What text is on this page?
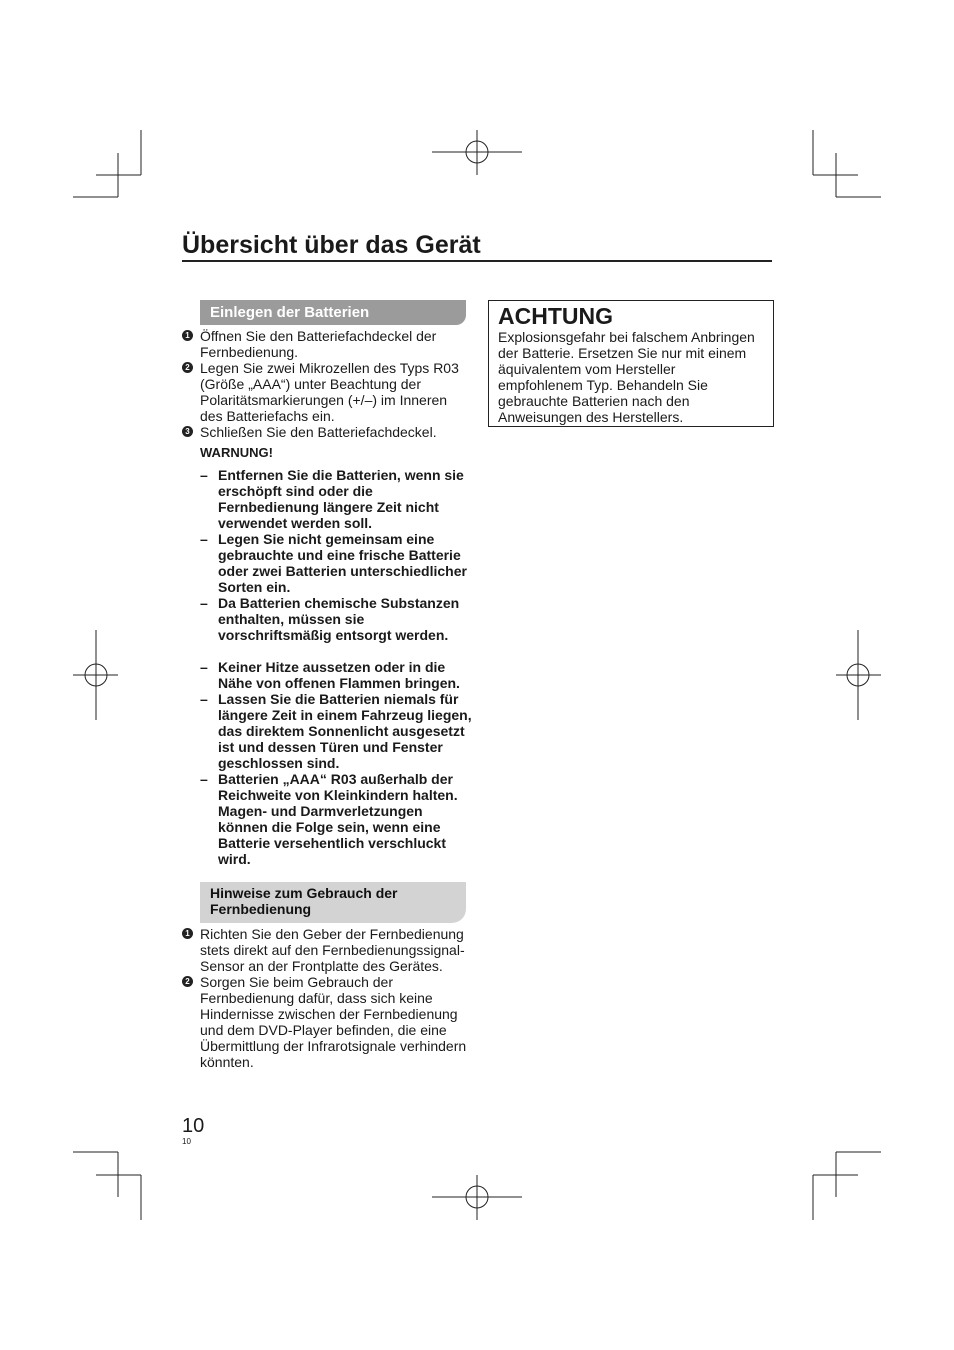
Übersicht über das Gerät
Einlegen der Batterien
1 Öffnen Sie den Batteriefachdeckel der Fernbedienung.
2 Legen Sie zwei Mikrozellen des Typs R03 (Größe „AAA“) unter Beachtung der Polaritätsmarkierungen (+/–) im Inneren des Batteriefachs ein.
3 Schließen Sie den Batteriefachdeckel.
WARNUNG!
– Entfernen Sie die Batterien, wenn sie erschöpft sind oder die Fernbedienung längere Zeit nicht verwendet werden soll.
– Legen Sie nicht gemeinsam eine gebrauchte und eine frische Batterie oder zwei Batterien unterschiedlicher Sorten ein.
– Da Batterien chemische Substanzen enthalten, müssen sie vorschriftsmäßig entsorgt werden.
– Keiner Hitze aussetzen oder in die Nähe von offenen Flammen bringen.
– Lassen Sie die Batterien niemals für längere Zeit in einem Fahrzeug liegen, das direktem Sonnenlicht ausgesetzt ist und dessen Türen und Fenster geschlossen sind.
– Batterien „AAA“ R03 außerhalb der Reichweite von Kleinkindern halten. Magen- und Darmverletzungen können die Folge sein, wenn eine Batterie versehentlich verschluckt wird.
Hinweise zum Gebrauch der Fernbedienung
1 Richten Sie den Geber der Fernbedienung stets direkt auf den Fernbedienungssignal-Sensor an der Frontplatte des Gerätes.
2 Sorgen Sie beim Gebrauch der Fernbedienung dafür, dass sich keine Hindernisse zwischen der Fernbedienung und dem DVD-Player befinden, die eine Übermittlung der Infrarotsignale verhindern könnten.
ACHTUNG

Explosionsgefahr bei falschem Anbringen der Batterie. Ersetzen Sie nur mit einem äquivalentem vom Hersteller empfohlenem Typ. Behandeln Sie gebrauchte Batterien nach den Anweisungen des Herstellers.

10
10
